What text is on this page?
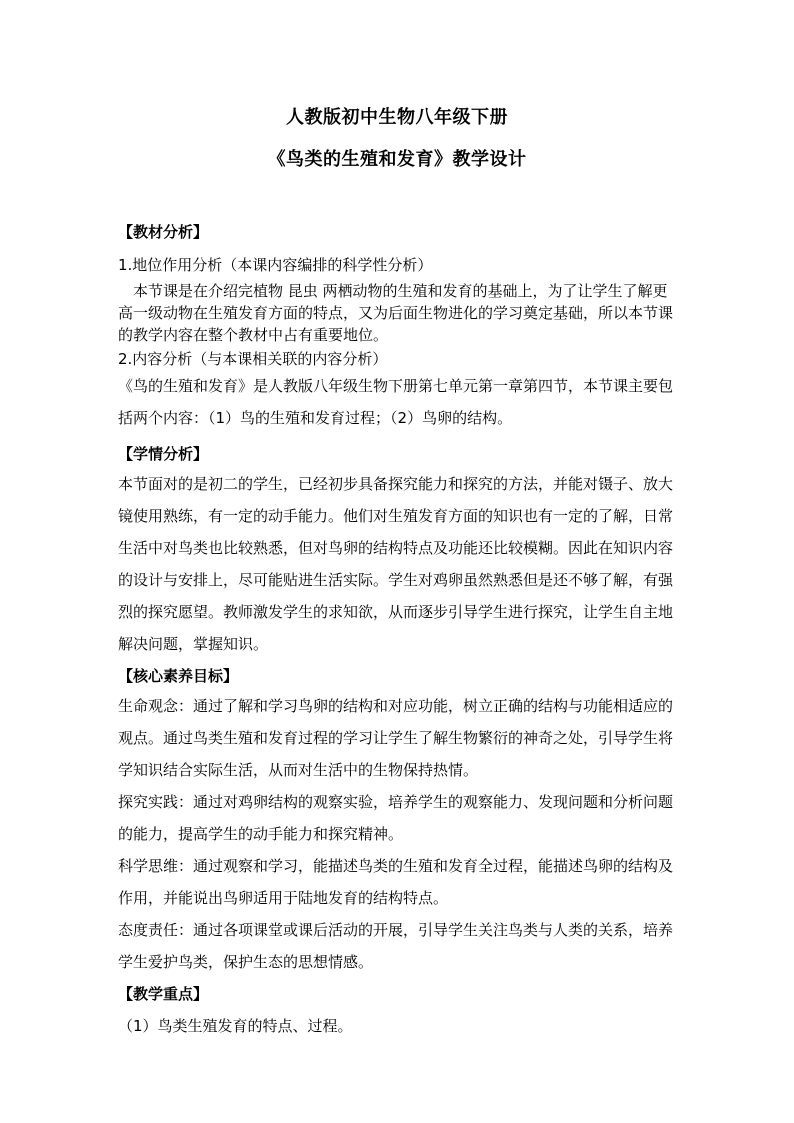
人教版初中生物八年级下册
《鸟类的生殖和发育》教学设计

【教材分析】

1.地位作用分析（本课内容编排的科学性分析）

本节课是在介绍完植物 昆虫 两栖动物的生殖和发育的基础上，为了让学生了解更高一级动物在生殖发育方面的特点，又为后面生物进化的学习奠定基础，所以本节课的教学内容在整个教材中占有重要地位。

2.内容分析（与本课相关联的内容分析）

《鸟的生殖和发育》是人教版八年级生物下册第七单元第一章第四节，本节课主要包括两个内容：（1）鸟的生殖和发育过程；（2）鸟卵的结构。

【学情分析】

本节面对的是初二的学生，已经初步具备探究能力和探究的方法，并能对镊子、放大镜使用熟练，有一定的动手能力。他们对生殖发育方面的知识也有一定的了解，日常生活中对鸟类也比较熟悉，但对鸟卵的结构特点及功能还比较模糊。因此在知识内容的设计与安排上，尽可能贴进生活实际。学生对鸡卵虽然熟悉但是还不够了解，有强烈的探究愿望。教师激发学生的求知欲，从而逐步引导学生进行探究，让学生自主地解决问题，掌握知识。

【核心素养目标】

生命观念：通过了解和学习鸟卵的结构和对应功能，树立正确的结构与功能相适应的观点。通过鸟类生殖和发育过程的学习让学生了解生物繁衍的神奇之处，引导学生将学知识结合实际生活，从而对生活中的生物保持热情。

探究实践：通过对鸡卵结构的观察实验，培养学生的观察能力、发现问题和分析问题的能力，提高学生的动手能力和探究精神。

科学思维：通过观察和学习，能描述鸟类的生殖和发育全过程，能描述鸟卵的结构及作用，并能说出鸟卵适用于陆地发育的结构特点。

态度责任：通过各项课堂或课后活动的开展，引导学生关注鸟类与人类的关系，培养学生爱护鸟类，保护生态的思想情感。

【教学重点】

（1）鸟类生殖发育的特点、过程。
